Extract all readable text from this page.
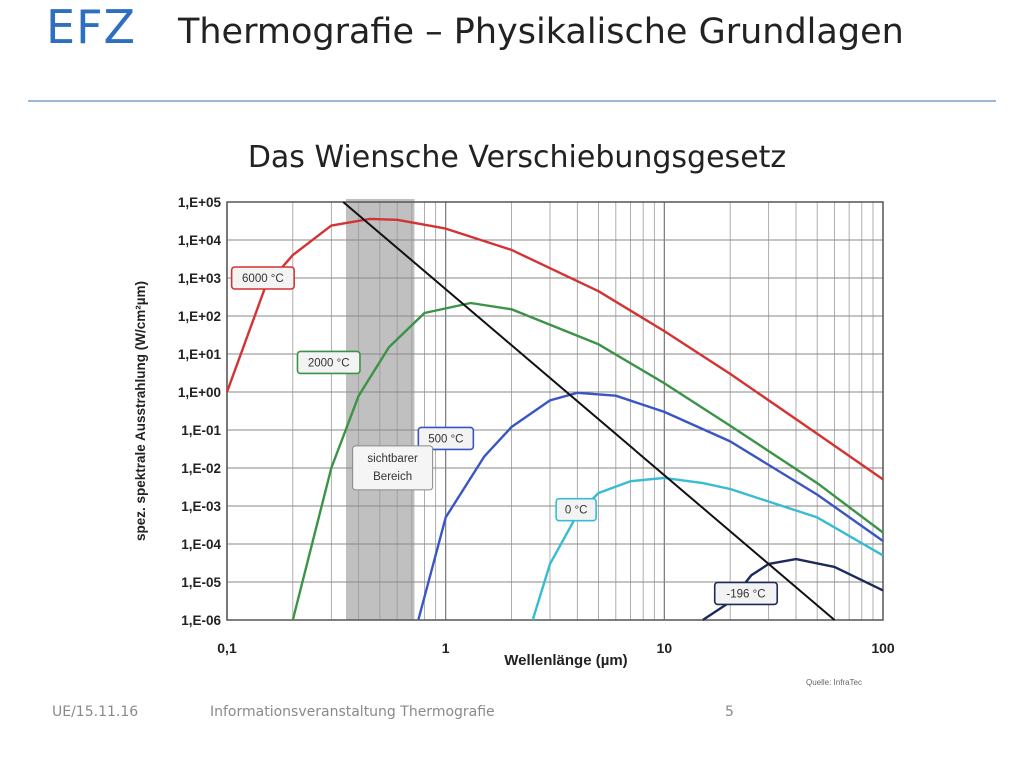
EFZ Thermografie – Physikalische Grundlagen
Das Wiensche Verschiebungsgesetz
1,E-06
1,E-05
1,E-04
1,E-03
1,E-02
1,E-01
1,E+00
1,E+01
1,E+02
1,E+03
1,E+04
1,E+05
0,1	1	10	100
6000 °C
2000 °C
500 °C
0 °C
-196 °C
sichtbarer
Bereich
Wellenlänge (µm)
spez. spektrale Ausstrahlung (W/cm²µm)
Quelle: InfraTec
UE/15.11.16	Informationsveranstaltung Thermografie	5
